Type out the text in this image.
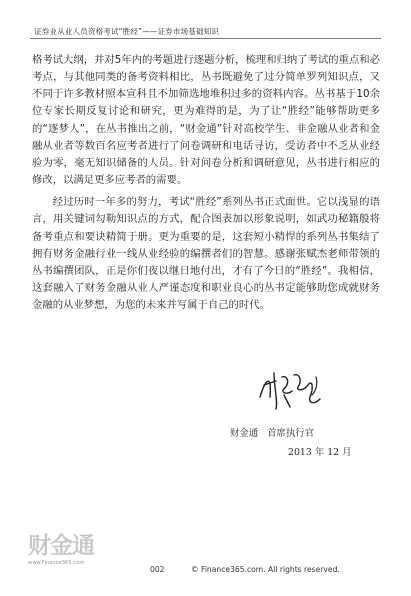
证券业从业人员资格考试“胜经”——证券市场基础知识

格考试大纲，并对5年内的考题进行逐题分析，梳理和归纳了考试的重点和必考点，与其他同类的备考资料相比，丛书既避免了过分简单罗列知识点，又不同于许多教材照本宣科且不加筛选地堆积过多的资料内容。丛书基于10余位专家长期反复讨论和研究，更为难得的是，为了让“胜经”能够帮助更多的“逐梦人”，在丛书推出之前，“财金通”针对高校学生、非金融从业者和金融从业者等数百名应考者进行了问卷调研和电话寻访，受访者中不乏从业经验为零，毫无知识储备的人员。针对问卷分析和调研意见，丛书进行相应的修改，以满足更多应考者的需要。

经过历时一年多的努力，考试“胜经”系列丛书正式面世。它以浅显的语言，用关键词勾勒知识点的方式，配合图表加以形象说明，如武功秘籍般将备考重点和要诀精简于册。更为重要的是，这套短小精悍的系列丛书集结了拥有财务金融行业一线从业经验的编撰者们的智慧。感谢张赋杰老师带领的丛书编撰团队，正是你们夜以继日地付出，才有了今日的“胜经”。我相信，这套融入了财务金融从业人严谨态度和职业良心的丛书定能够助您成就财务金融的从业梦想，为您的未来并写属于自己的时代。

财金通 首席执行官
2013 年 12 月
财金通
www.Finance365.com
002	© Finance365.com. All rights reserved.
